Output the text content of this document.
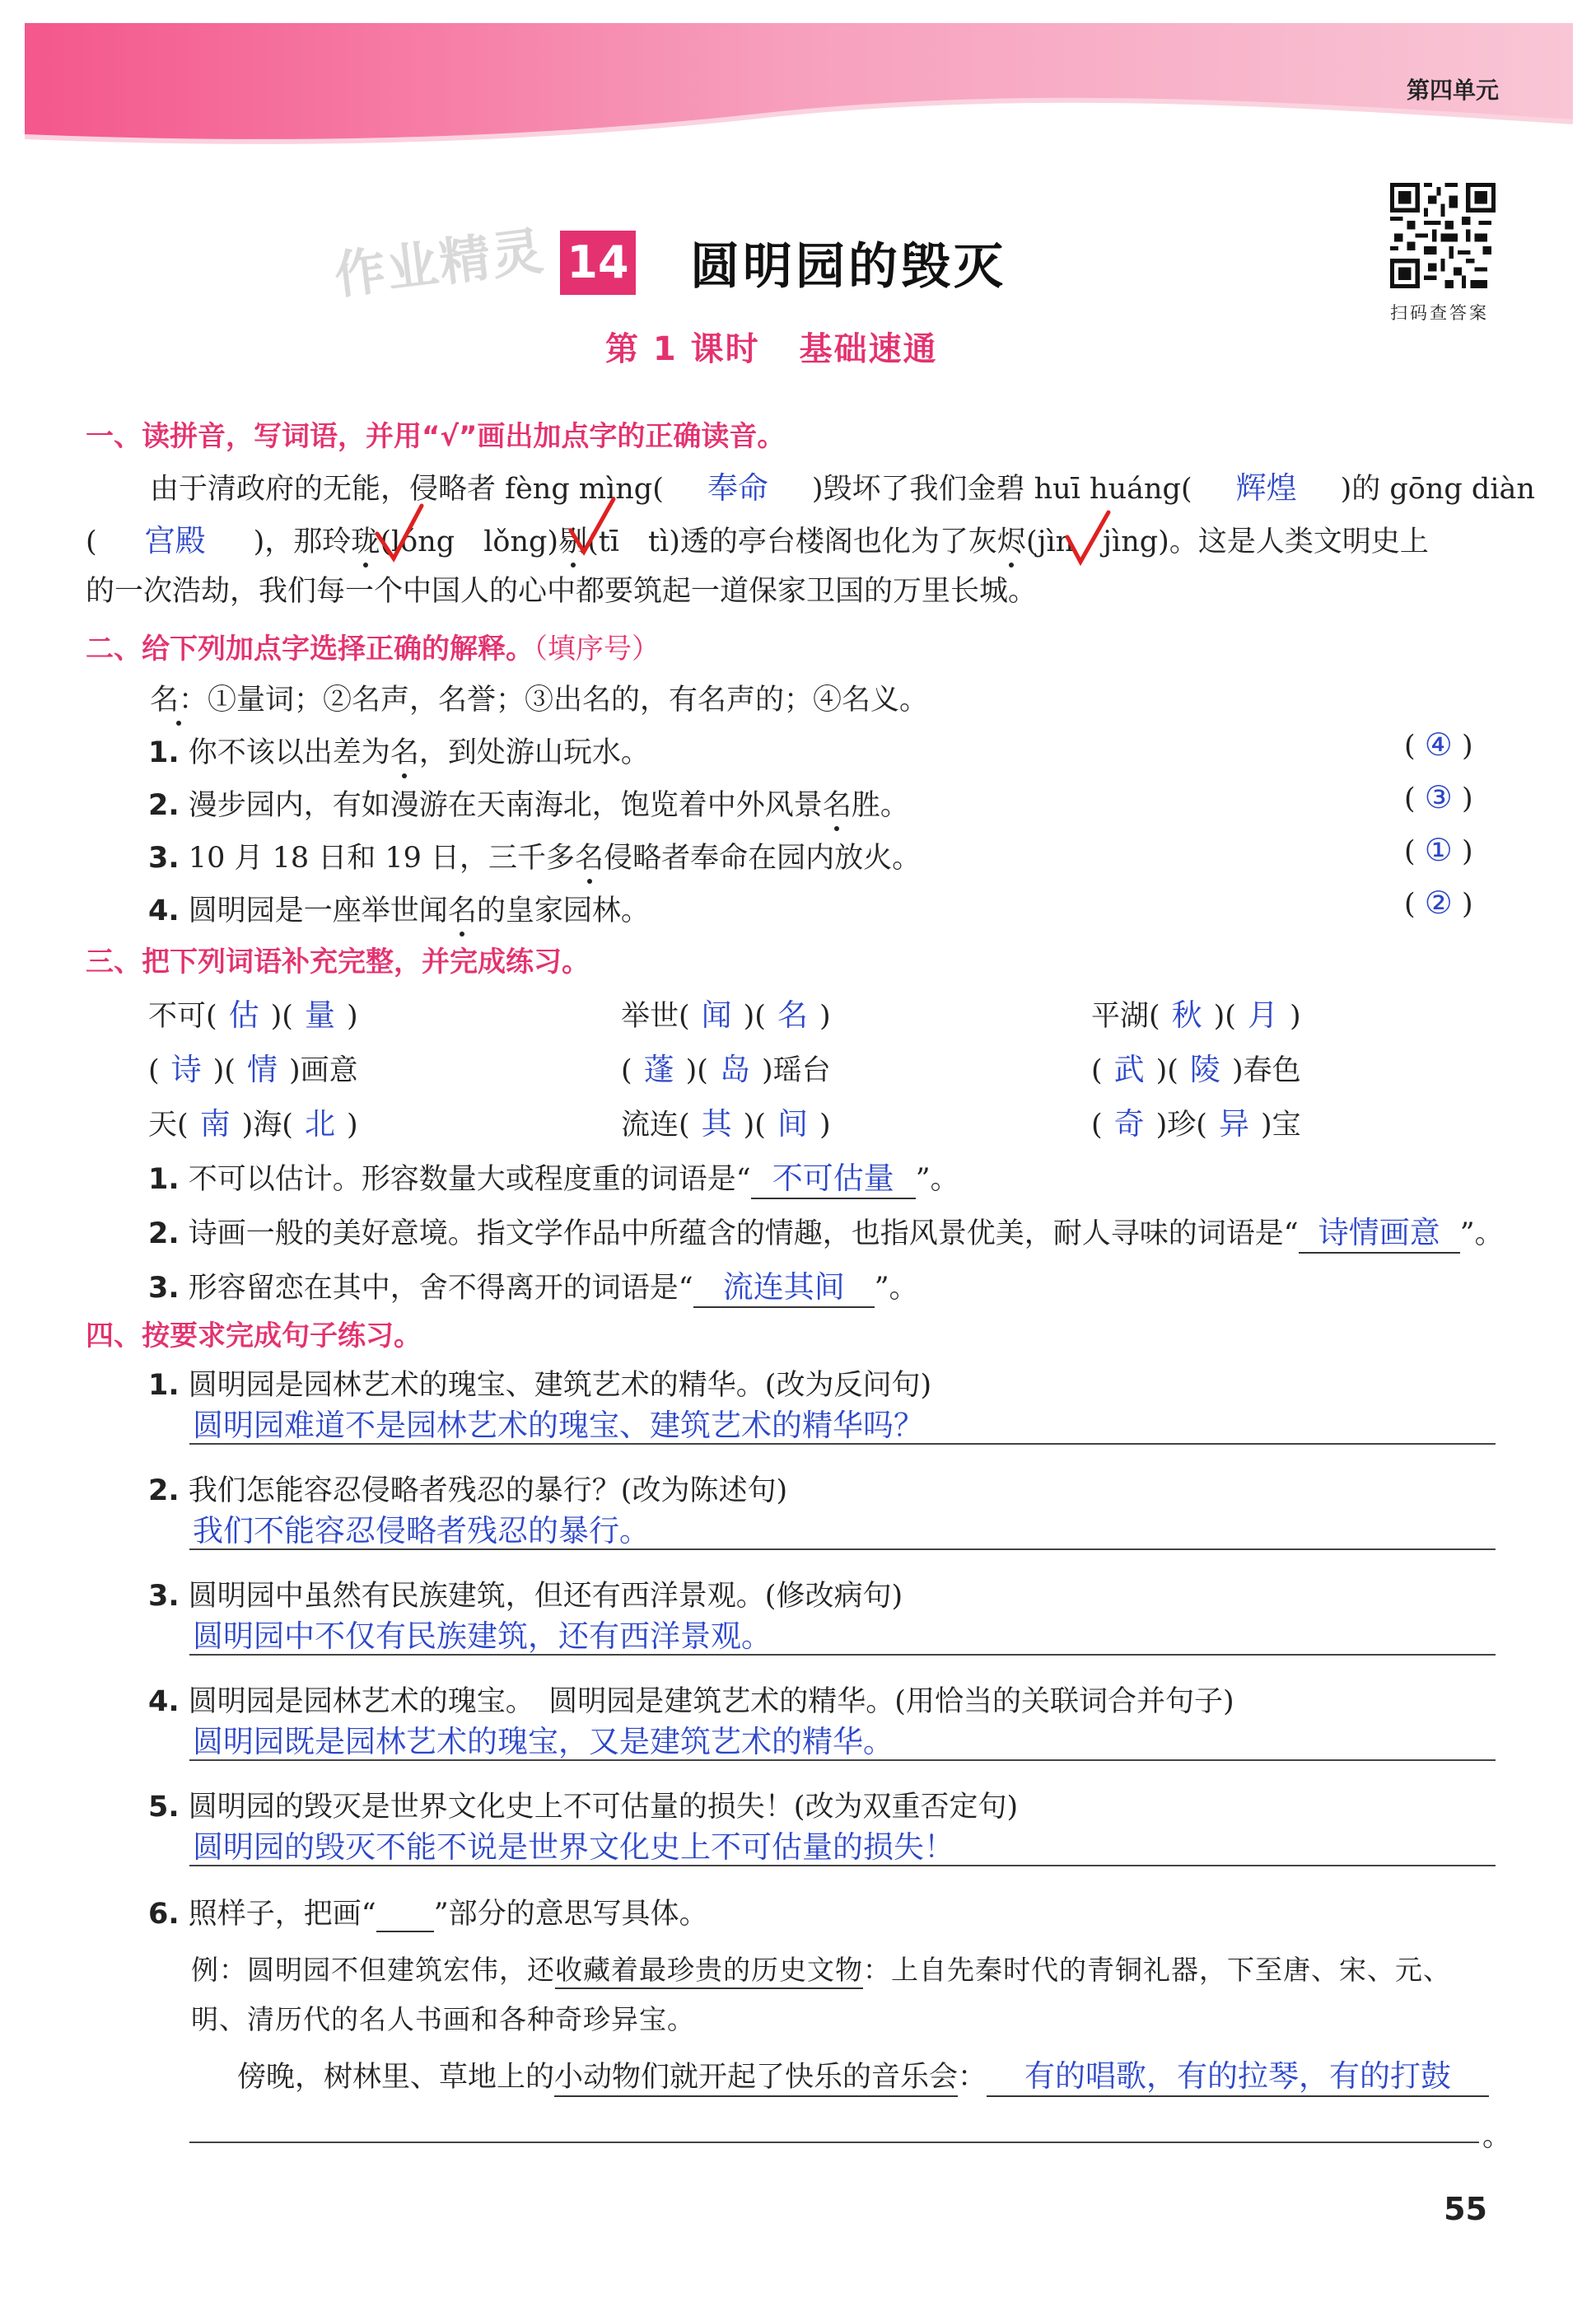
第四单元
作业精灵 14 圆明园的毁灭
第 1 课时   基础速通
扫码查答案
一、读拼音，写词语，并用“√”画出加点字的正确读音。
由于清政府的无能，侵略者 fèng mìng( 奉命 )毁坏了我们金碧 huī huáng( 辉煌 )的 gōng diàn
( 宫殿 )，那玲珑(lóng　lǒng)剔(tī　tì)透的亭台楼阁也化为了灰烬(jìn　jìng)。这是人类文明史上
的一次浩劫，我们每一个中国人的心中都要筑起一道保家卫国的万里长城。
二、给下列加点字选择正确的解释。（填序号）
名：①量词；②名声，名誉；③出名的，有名声的；④名义。
1. 你不该以出差为名，到处游山玩水。	( ④ )
2. 漫步园内，有如漫游在天南海北，饱览着中外风景名胜。	( ③ )
3. 10 月 18 日和 19 日，三千多名侵略者奉命在园内放火。	( ① )
4. 圆明园是一座举世闻名的皇家园林。	( ② )
三、把下列词语补充完整，并完成练习。
不可( 估 )( 量 )	举世( 闻 )( 名 )	平湖( 秋 )( 月 )
( 诗 )( 情 )画意	( 蓬 )( 岛 )瑶台	( 武 )( 陵 )春色
天( 南 )海( 北 )	流连( 其 )( 间 )	( 奇 )珍( 异 )宝
1. 不可以估计。形容数量大或程度重的词语是“ 不可估量 ”。
2. 诗画一般的美好意境。指文学作品中所蕴含的情趣，也指风景优美，耐人寻味的词语是“ 诗情画意 ”。
3. 形容留恋在其中，舍不得离开的词语是“ 流连其间 ”。
四、按要求完成句子练习。
1. 圆明园是园林艺术的瑰宝、建筑艺术的精华。(改为反问句)
圆明园难道不是园林艺术的瑰宝、建筑艺术的精华吗？
2. 我们怎能容忍侵略者残忍的暴行？(改为陈述句)
我们不能容忍侵略者残忍的暴行。
3. 圆明园中虽然有民族建筑，但还有西洋景观。(修改病句)
圆明园中不仅有民族建筑，还有西洋景观。
4. 圆明园是园林艺术的瑰宝。　圆明园是建筑艺术的精华。(用恰当的关联词合并句子)
圆明园既是园林艺术的瑰宝，又是建筑艺术的精华。
5. 圆明园的毁灭是世界文化史上不可估量的损失！(改为双重否定句)
圆明园的毁灭不能不说是世界文化史上不可估量的损失！
6. 照样子，把画“ ”部分的意思写具体。
例：圆明园不但建筑宏伟，还收藏着最珍贵的历史文物：上自先秦时代的青铜礼器，下至唐、宋、元、
明、清历代的名人书画和各种奇珍异宝。
傍晚，树林里、草地上的小动物们就开起了快乐的音乐会： 有的唱歌，有的拉琴，有的打鼓
。
55
